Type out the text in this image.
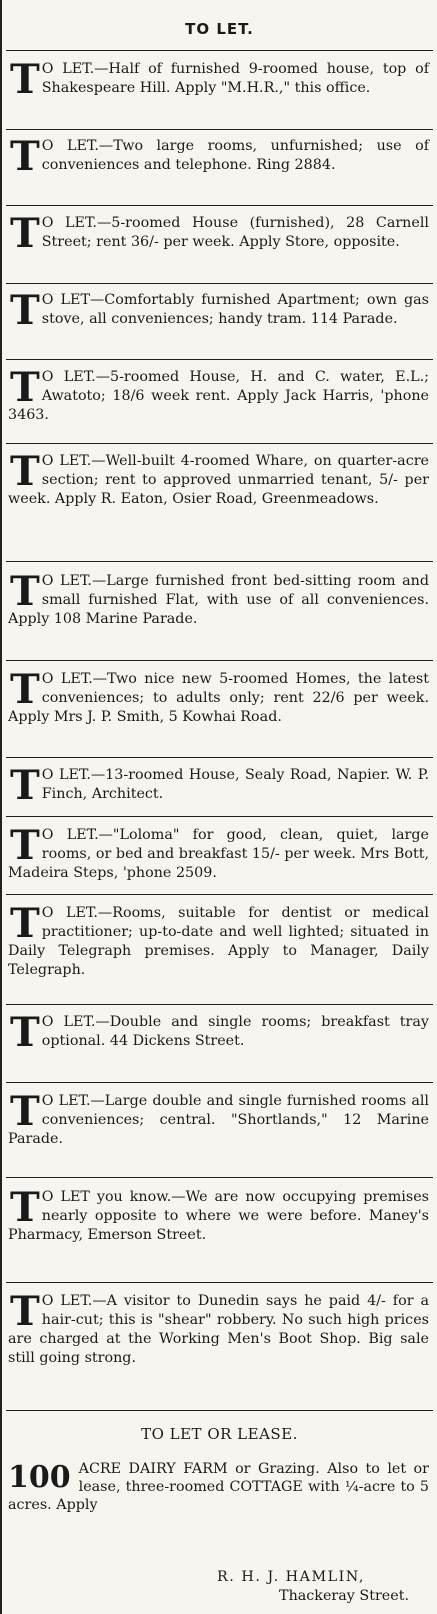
TO LET.
T O LET.—Half of furnished 9-roomed house, top of Shakespeare Hill. Apply "M.H.R.," this office.
T O LET.—Two large rooms, unfurnished; use of conveniences and telephone. Ring 2884.
T O LET.—5-roomed House (furnished), 28 Carnell Street; rent 36/- per week. Apply Store, opposite.
T O LET—Comfortably furnished Apartment; own gas stove, all conveniences; handy tram. 114 Parade.
T O LET.—5-roomed House, H. and C. water, E.L.; Awatoto; 18/6 week rent. Apply Jack Harris, 'phone 3463.
T O LET.—Well-built 4-roomed Whare, on quarter-acre section; rent to approved unmarried tenant, 5/- per week. Apply R. Eaton, Osier Road, Greenmeadows.
T O LET.—Large furnished front bed-sitting room and small furnished Flat, with use of all conveniences. Apply 108 Marine Parade.
T O LET.—Two nice new 5-roomed Homes, the latest conveniences; to adults only; rent 22/6 per week. Apply Mrs J. P. Smith, 5 Kowhai Road.
T O LET.—13-roomed House, Sealy Road, Napier. W. P. Finch, Architect.
T O LET.—"Loloma" for good, clean, quiet, large rooms, or bed and breakfast 15/- per week. Mrs Bott, Madeira Steps, 'phone 2509.
T O LET.—Rooms, suitable for dentist or medical practitioner; up-to-date and well lighted; situated in Daily Telegraph premises. Apply to Manager, Daily Telegraph.
T O LET.—Double and single rooms; breakfast tray optional. 44 Dickens Street.
T O LET.—Large double and single furnished rooms all conveniences; central. "Shortlands," 12 Marine Parade.
T O LET you know.—We are now occupying premises nearly opposite to where we were before. Maney's Pharmacy, Emerson Street.
T O LET.—A visitor to Dunedin says he paid 4/- for a hair-cut; this is "shear" robbery. No such high prices are charged at the Working Men's Boot Shop. Big sale still going strong.
TO LET OR LEASE.
100 ACRE DAIRY FARM or Grazing. Also to let or lease, three-roomed COTTAGE with ¼-acre to 5 acres. Apply
R. H. J. HAMLIN,
Thackeray Street.
